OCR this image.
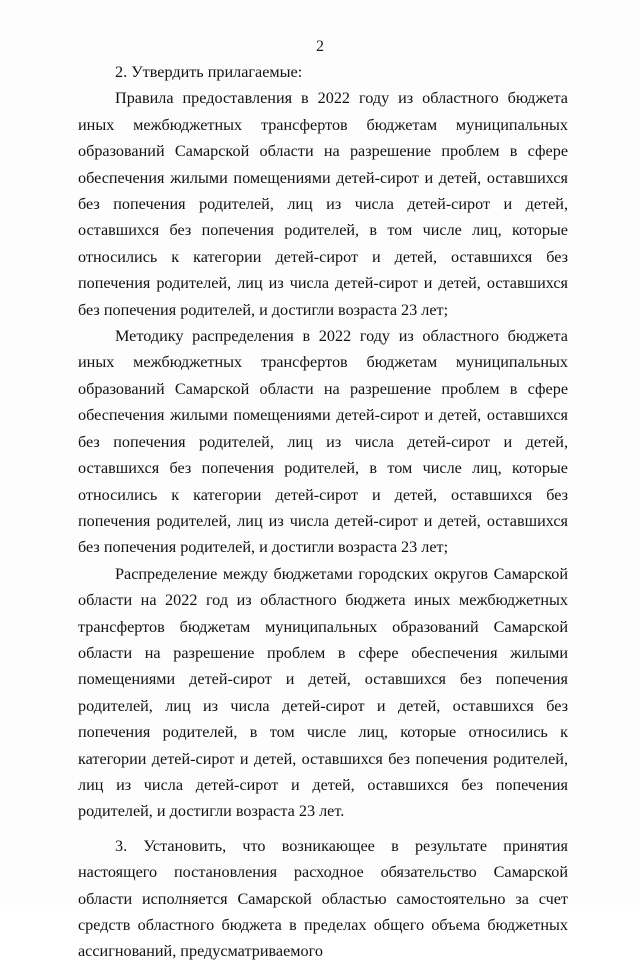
2

2. Утвердить прилагаемые:

Правила предоставления в 2022 году из областного бюджета иных межбюджетных трансфертов бюджетам муниципальных образований Самарской области на разрешение проблем в сфере обеспечения жилыми помещениями детей-сирот и детей, оставшихся без попечения родителей, лиц из числа детей-сирот и детей, оставшихся без попечения родителей, в том числе лиц, которые относились к категории детей-сирот и детей, оставшихся без попечения родителей, лиц из числа детей-сирот и детей, оставшихся без попечения родителей, и достигли возраста 23 лет;

Методику распределения в 2022 году из областного бюджета иных межбюджетных трансфертов бюджетам муниципальных образований Самарской области на разрешение проблем в сфере обеспечения жилыми помещениями детей-сирот и детей, оставшихся без попечения родителей, лиц из числа детей-сирот и детей, оставшихся без попечения родителей, в том числе лиц, которые относились к категории детей-сирот и детей, оставшихся без попечения родителей, лиц из числа детей-сирот и детей, оставшихся без попечения родителей, и достигли возраста 23 лет;

Распределение между бюджетами городских округов Самарской области на 2022 год из областного бюджета иных межбюджетных трансфертов бюджетам муниципальных образований Самарской области на разрешение проблем в сфере обеспечения жилыми помещениями детей-сирот и детей, оставшихся без попечения родителей, лиц из числа детей-сирот и детей, оставшихся без попечения родителей, в том числе лиц, которые относились к категории детей-сирот и детей, оставшихся без попечения родителей, лиц из числа детей-сирот и детей, оставшихся без попечения родителей, и достигли возраста 23 лет.

3. Установить, что возникающее в результате принятия настоящего постановления расходное обязательство Самарской области исполняется Самарской областью самостоятельно за счет средств областного бюджета в пределах общего объема бюджетных ассигнований, предусматриваемого
